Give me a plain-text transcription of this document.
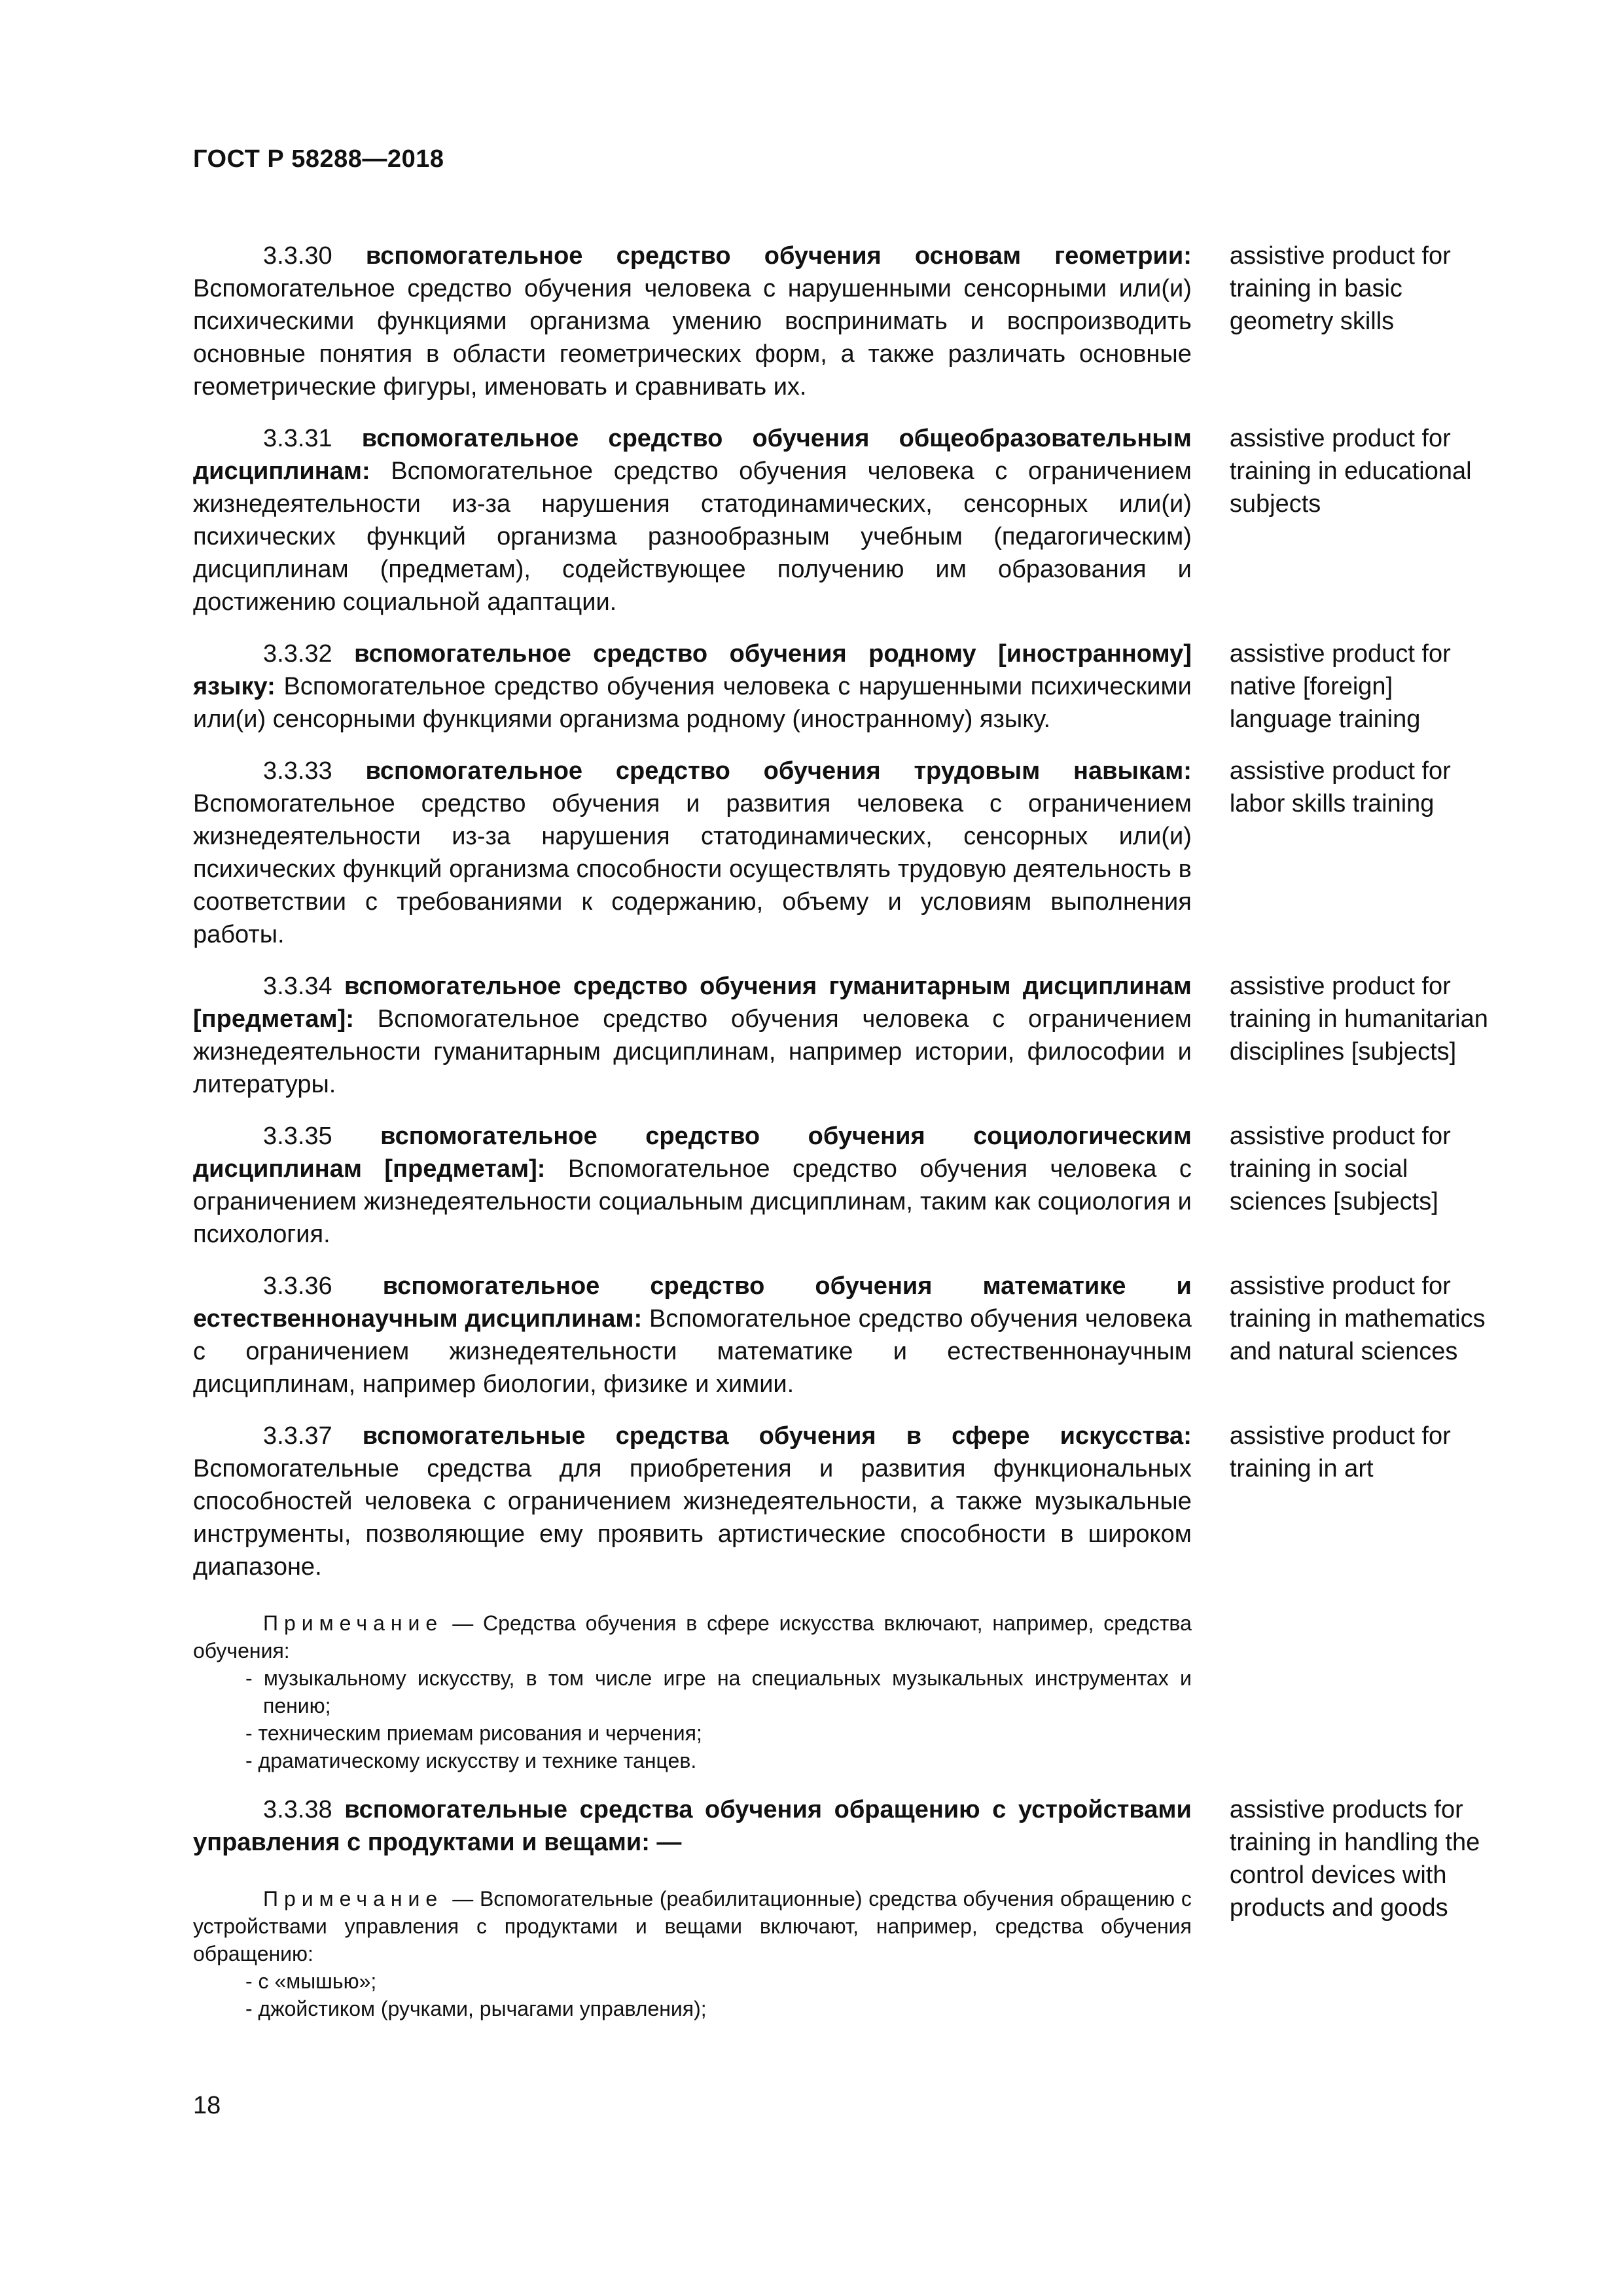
ГОСТ Р 58288—2018

3.3.30 вспомогательное средство обучения основам геометрии: Вспомогательное средство обучения человека с нарушенными сенсорными или(и) психическими функциями организма умению воспринимать и воспроизводить основные понятия в области геометрических форм, а также различать основные геометрические фигуры, именовать и сравнивать их.

assistive product for training in basic geometry skills

3.3.31 вспомогательное средство обучения общеобразовательным дисциплинам: Вспомогательное средство обучения человека с ограничением жизнедеятельности из-за нарушения статодинамических, сенсорных или(и) психических функций организма разнообразным учебным (педагогическим) дисциплинам (предметам), содействующее получению им образования и достижению социальной адаптации.

assistive product for training in educational subjects

3.3.32 вспомогательное средство обучения родному [иностранному] языку: Вспомогательное средство обучения человека с нарушенными психическими или(и) сенсорными функциями организма родному (иностранному) языку.

assistive product for native [foreign] language training

3.3.33 вспомогательное средство обучения трудовым навыкам: Вспомогательное средство обучения и развития человека с ограничением жизнедеятельности из-за нарушения статодинамических, сенсорных или(и) психических функций организма способности осуществлять трудовую деятельность в соответствии с требованиями к содержанию, объему и условиям выполнения работы.

assistive product for labor skills training

3.3.34 вспомогательное средство обучения гуманитарным дисциплинам [предметам]: Вспомогательное средство обучения человека с ограничением жизнедеятельности гуманитарным дисциплинам, например истории, философии и литературы.

assistive product for training in humanitarian disciplines [subjects]

3.3.35 вспомогательное средство обучения социологическим дисциплинам [предметам]: Вспомогательное средство обучения человека с ограничением жизнедеятельности социальным дисциплинам, таким как социология и психология.

assistive product for training in social sciences [subjects]

3.3.36 вспомогательное средство обучения математике и естественнонаучным дисциплинам: Вспомогательное средство обучения человека с ограничением жизнедеятельности математике и естественнонаучным дисциплинам, например биологии, физике и химии.

assistive product for training in mathematics and natural sciences

3.3.37 вспомогательные средства обучения в сфере искусства: Вспомогательные средства для приобретения и развития функциональных способностей человека с ограничением жизнедеятельности, а также музыкальные инструменты, позволяющие ему проявить артистические способности в широком диапазоне.

Примечание — Средства обучения в сфере искусства включают, например, средства обучения:

- музыкальному искусству, в том числе игре на специальных музыкальных инструментах и пению;
- техническим приемам рисования и черчения;
- драматическому искусству и технике танцев.
assistive product for training in art

3.3.38 вспомогательные средства обучения обращению с устройствами управления с продуктами и вещами: —

Примечание — Вспомогательные (реабилитационные) средства обучения обращению с устройствами управления с продуктами и вещами включают, например, средства обучения обращению:

- с «мышью»;
- джойстиком (ручками, рычагами управления);
assistive products for training in handling the control devices with products and goods
18
